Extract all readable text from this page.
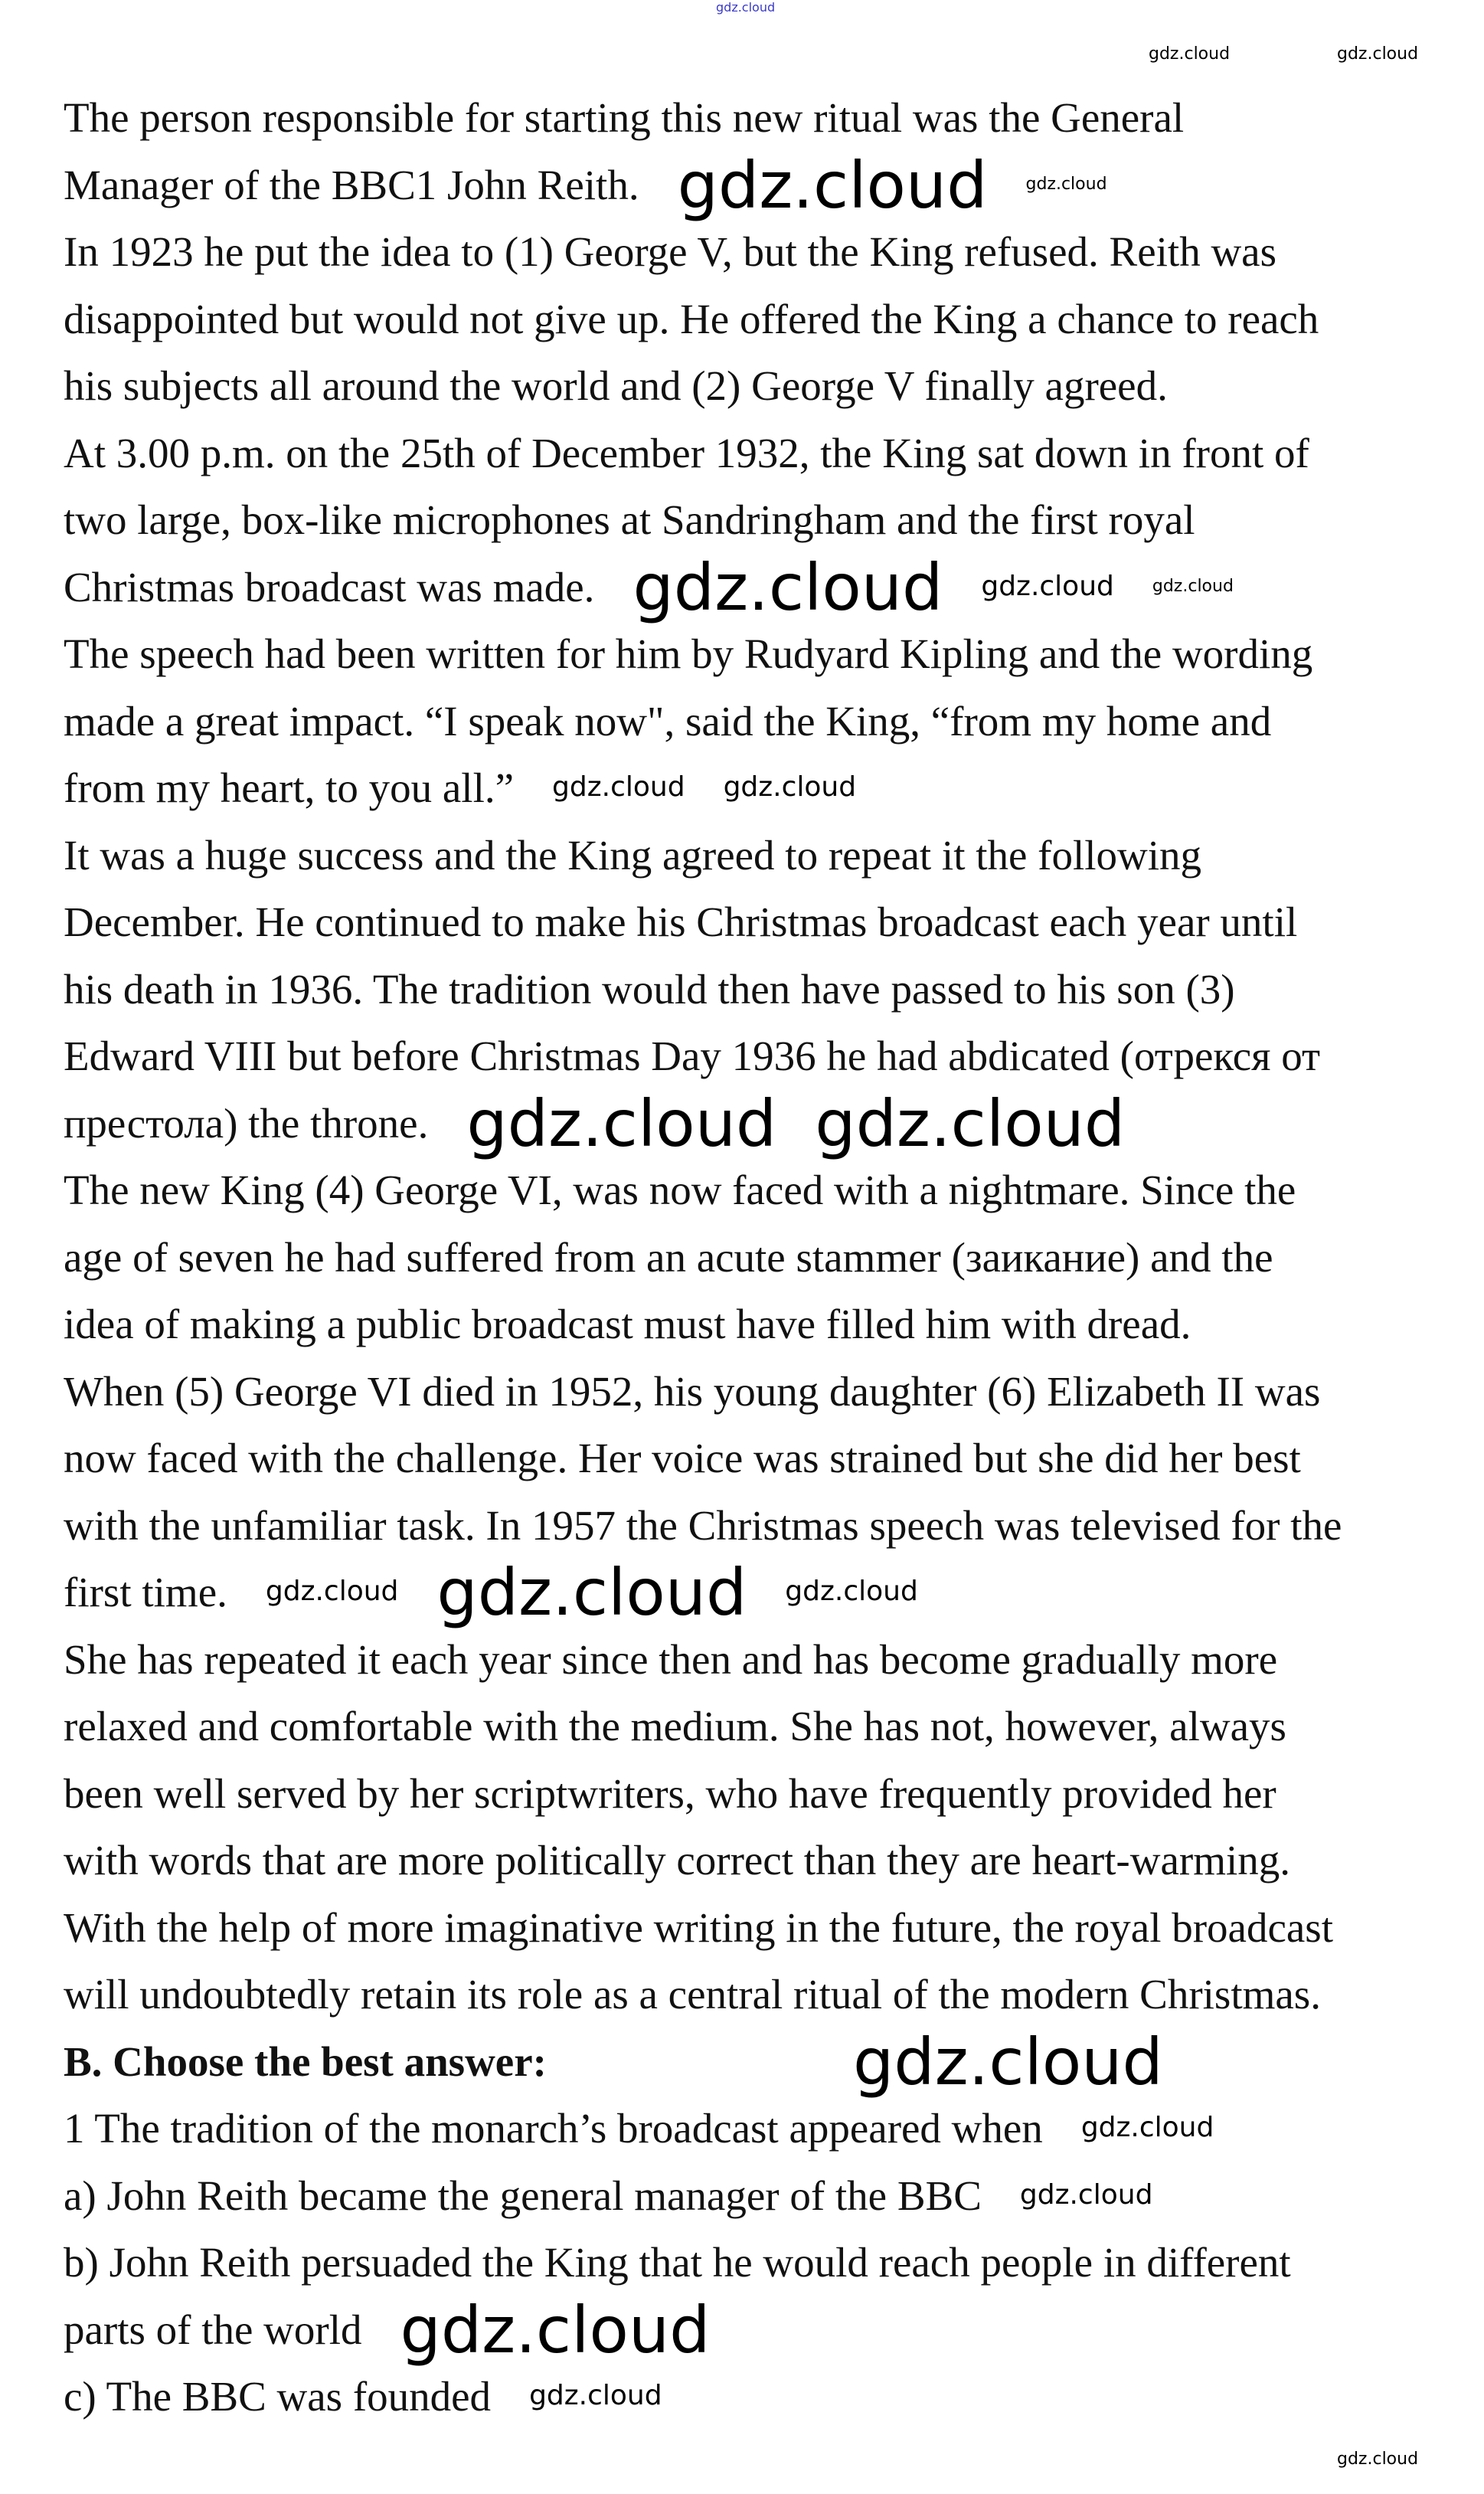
gdz.cloud
gdz.cloud	gdz.cloud
The person responsible for starting this new ritual was the General
Manager of the BBC1 John Reith. gdz.cloud gdz.cloud
In 1923 he put the idea to (1) George V, but the King refused. Reith was
disappointed but would not give up. He offered the King a chance to reach
his subjects all around the world and (2) George V finally agreed.
At 3.00 p.m. on the 25th of December 1932, the King sat down in front of
two large, box-like microphones at Sandringham and the first royal
Christmas broadcast was made. gdz.cloud gdz.cloud gdz.cloud
The speech had been written for him by Rudyard Kipling and the wording
made a great impact. “I speak now", said the King, “from my home and
from my heart, to you all.” gdz.cloud gdz.cloud
It was a huge success and the King agreed to repeat it the following
December. He continued to make his Christmas broadcast each year until
his death in 1936. The tradition would then have passed to his son (3)
Edward VIII but before Christmas Day 1936 he had abdicated (отрекся от
престола) the throne. gdz.cloud gdz.cloud
The new King (4) George VI, was now faced with a nightmare. Since the
age of seven he had suffered from an acute stammer (заикание) and the
idea of making a public broadcast must have filled him with dread.
When (5) George VI died in 1952, his young daughter (6) Elizabeth II was
now faced with the challenge. Her voice was strained but she did her best
with the unfamiliar task. In 1957 the Christmas speech was televised for the
first time. gdz.cloud gdz.cloud gdz.cloud
She has repeated it each year since then and has become gradually more
relaxed and comfortable with the medium. She has not, however, always
been well served by her scriptwriters, who have frequently provided her
with words that are more politically correct than they are heart-warming.
With the help of more imaginative writing in the future, the royal broadcast
will undoubtedly retain its role as a central ritual of the modern Christmas.
B. Choose the best answer:	gdz.cloud
1 The tradition of the monarch’s broadcast appeared when gdz.cloud
a) John Reith became the general manager of the BBC gdz.cloud
b) John Reith persuaded the King that he would reach people in different
parts of the world gdz.cloud
c) The BBC was founded gdz.cloud
gdz.cloud
